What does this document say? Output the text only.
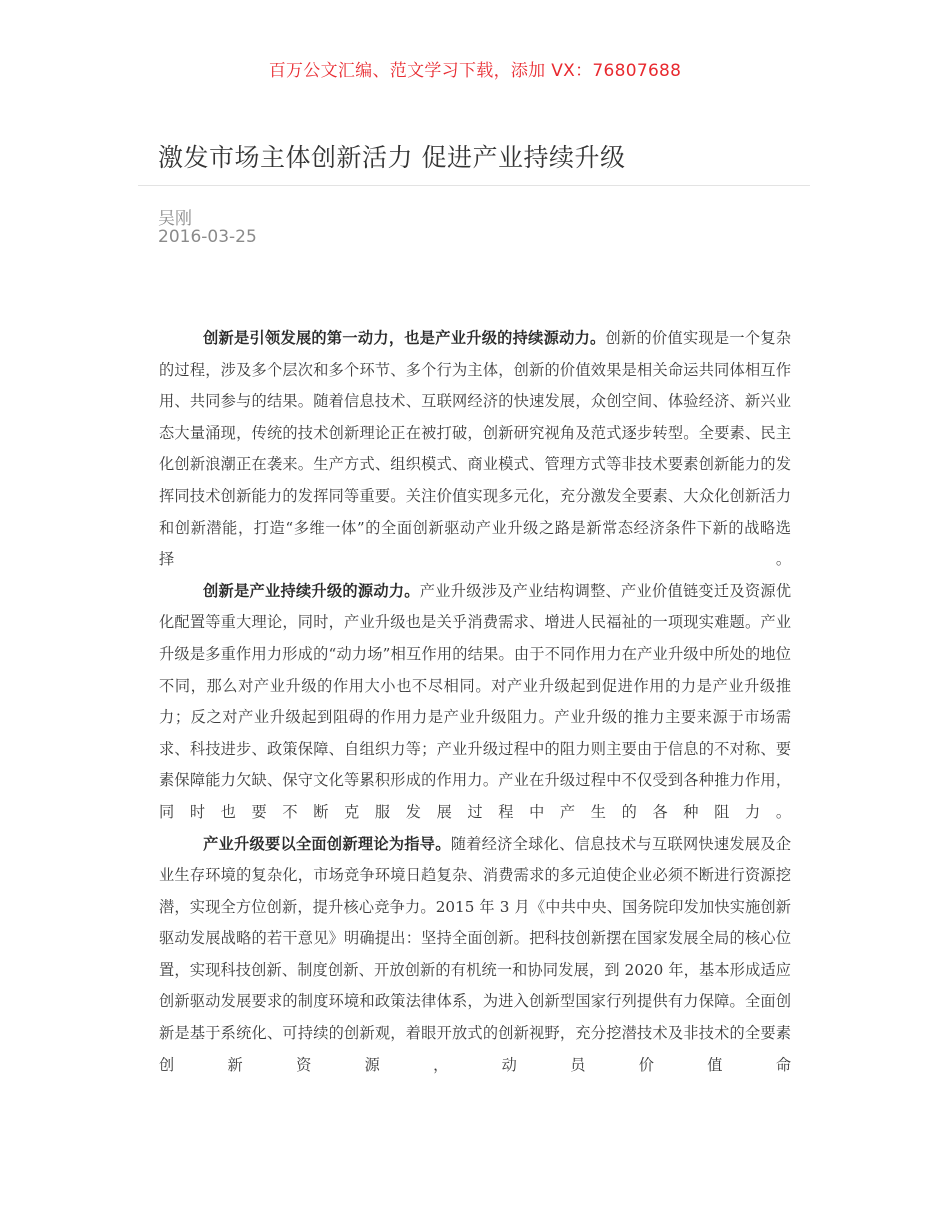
百万公文汇编、范文学习下载，添加 VX：76807688
激发市场主体创新活力 促进产业持续升级
吴刚
2016-03-25

创新是引领发展的第一动力，也是产业升级的持续源动力。创新的价值实现是一个复杂的过程，涉及多个层次和多个环节、多个行为主体，创新的价值效果是相关命运共同体相互作用、共同参与的结果。随着信息技术、互联网经济的快速发展，众创空间、体验经济、新兴业态大量涌现，传统的技术创新理论正在被打破，创新研究视角及范式逐步转型。全要素、民主化创新浪潮正在袭来。生产方式、组织模式、商业模式、管理方式等非技术要素创新能力的发挥同技术创新能力的发挥同等重要。关注价值实现多元化，充分激发全要素、大众化创新活力和创新潜能，打造“多维一体”的全面创新驱动产业升级之路是新常态经济条件下新的战略选择。

创新是产业持续升级的源动力。产业升级涉及产业结构调整、产业价值链变迁及资源优化配置等重大理论，同时，产业升级也是关乎消费需求、增进人民福祉的一项现实难题。产业升级是多重作用力形成的“动力场”相互作用的结果。由于不同作用力在产业升级中所处的地位不同，那么对产业升级的作用大小也不尽相同。对产业升级起到促进作用的力是产业升级推力；反之对产业升级起到阻碍的作用力是产业升级阻力。产业升级的推力主要来源于市场需求、科技进步、政策保障、自组织力等；产业升级过程中的阻力则主要由于信息的不对称、要素保障能力欠缺、保守文化等累积形成的作用力。产业在升级过程中不仅受到各种推力作用，同时也要不断克服发展过程中产生的各种阻力。

产业升级要以全面创新理论为指导。随着经济全球化、信息技术与互联网快速发展及企业生存环境的复杂化，市场竞争环境日趋复杂、消费需求的多元迫使企业必须不断进行资源挖潜，实现全方位创新，提升核心竞争力。2015 年 3 月《中共中央、国务院印发加快实施创新驱动发展战略的若干意见》明确提出：坚持全面创新。把科技创新摆在国家发展全局的核心位置，实现科技创新、制度创新、开放创新的有机统一和协同发展，到 2020 年，基本形成适应创新驱动发展要求的制度环境和政策法律体系，为进入创新型国家行列提供有力保障。全面创新是基于系统化、可持续的创新观，着眼开放式的创新视野，充分挖潜技术及非技术的全要素创新资源，动员价值命
